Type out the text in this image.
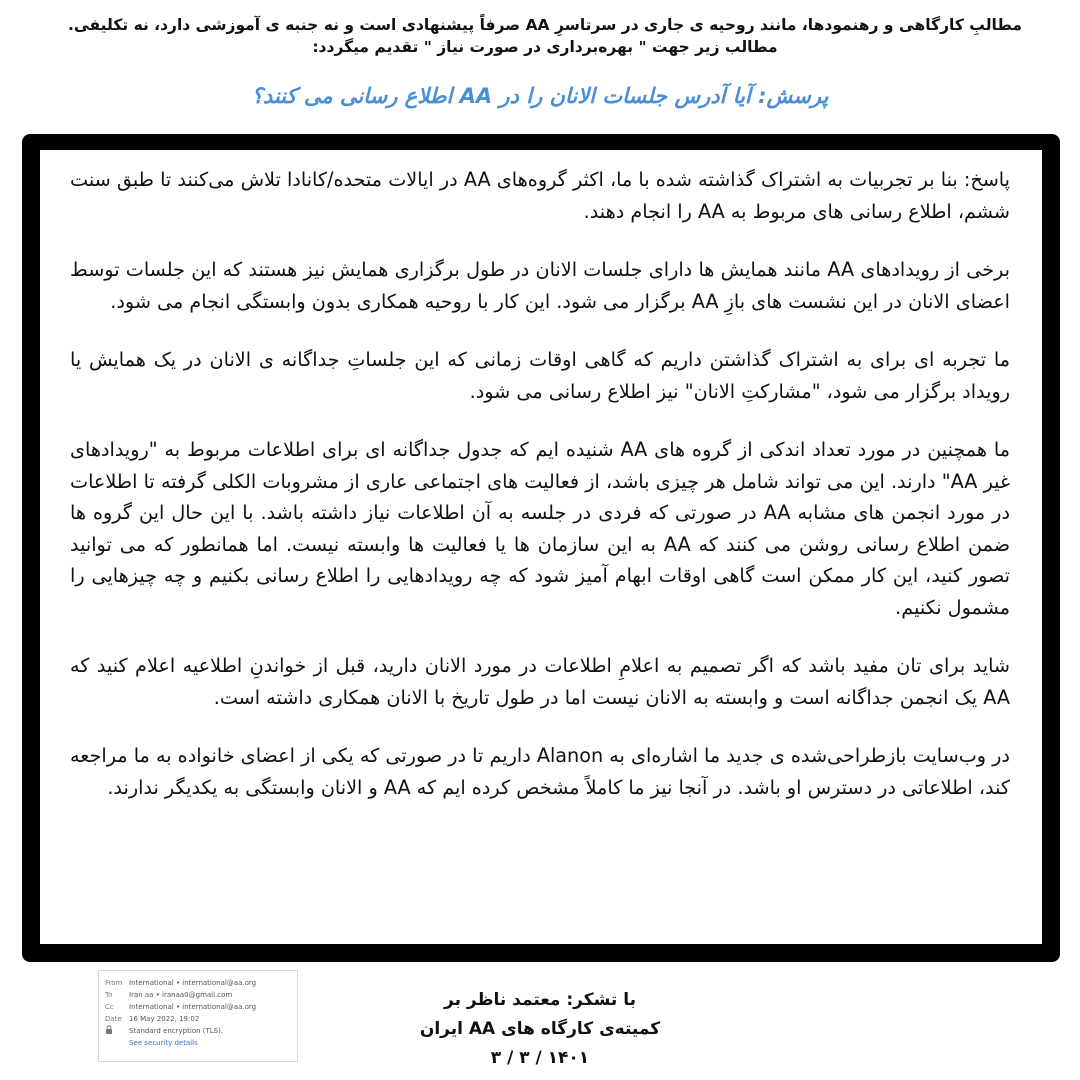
مطالبِ کارگاهی و رهنمودها، مانند روحیه ی جاری در سرتاسرِ AA صرفاً پیشنهادی است و نه جنبه ی آموزشی دارد، نه تکلیفی.
مطالب زیر جهت " بهره‌برداری در صورت نیاز " تقدیم میگردد:
پرسش: آیا آدرس جلسات الانان را در AA اطلاع رسانی می کنند؟

پاسخ: بنا بر تجربیات به اشتراک گذاشته شده با ما، اکثر گروه‌های AA در ایالات متحده/کانادا تلاش می‌کنند تا طبق سنت ششم، اطلاع رسانی های مربوط به AA را انجام دهند.

برخی از رویدادهای AA مانند همایش ها دارای جلسات الانان در طول برگزاری همایش نیز هستند که این جلسات توسط اعضای الانان در این نشست های بازِ AA برگزار می شود. این کار با روحیه همکاری بدون وابستگی انجام می شود.

ما تجربه ای برای به اشتراک گذاشتن داریم که گاهی اوقات زمانی که این جلساتِ جداگانه ی الانان در یک همایش یا رویداد برگزار می شود، "مشارکتِ الانان" نیز اطلاع رسانی می شود.

ما همچنین در مورد تعداد اندکی از گروه های AA شنیده ایم که جدول جداگانه ای برای اطلاعات مربوط به "رویدادهای غیر AA" دارند. این می تواند شامل هر چیزی باشد، از فعالیت های اجتماعی عاری از مشروبات الکلی گرفته تا اطلاعات در مورد انجمن های مشابه AA در صورتی که فردی در جلسه به آن اطلاعات نیاز داشته باشد. با این حال این گروه ها ضمن اطلاع رسانی روشن می کنند که AA به این سازمان ها یا فعالیت ها وابسته نیست. اما همانطور که می توانید تصور کنید، این کار ممکن است گاهی اوقات ابهام آمیز شود که چه رویدادهایی را اطلاع رسانی بکنیم و چه چیزهایی را مشمول نکنیم.

شاید برای تان مفید باشد که اگر تصمیم به اعلامِ اطلاعات در مورد الانان دارید، قبل از خواندنِ اطلاعیه اعلام کنید که AA یک انجمن جداگانه است و وابسته به الانان نیست اما در طول تاریخ با الانان همکاری داشته است.

در وب‌سایت بازطراحی‌شده ی جدید ما اشاره‌ای به Alanon داریم تا در صورتی که یکی از اعضای خانواده به ما مراجعه کند، اطلاعاتی در دسترس او باشد. در آنجا نیز ما کاملاً مشخص کرده ایم که AA و الانان وابستگی به یکدیگر ندارند.

From International • international@aa.org
To	Iran aa • iranaa0@gmail.com
Cc	International • international@aa.org
Date	16 May 2022, 19:02
Standard encryption (TLS).
See security details
با تشکر: معتمد ناظر بر
کمیته‌ی کارگاه های AA ایران
۱۴۰۱ / ۳ / ۳
